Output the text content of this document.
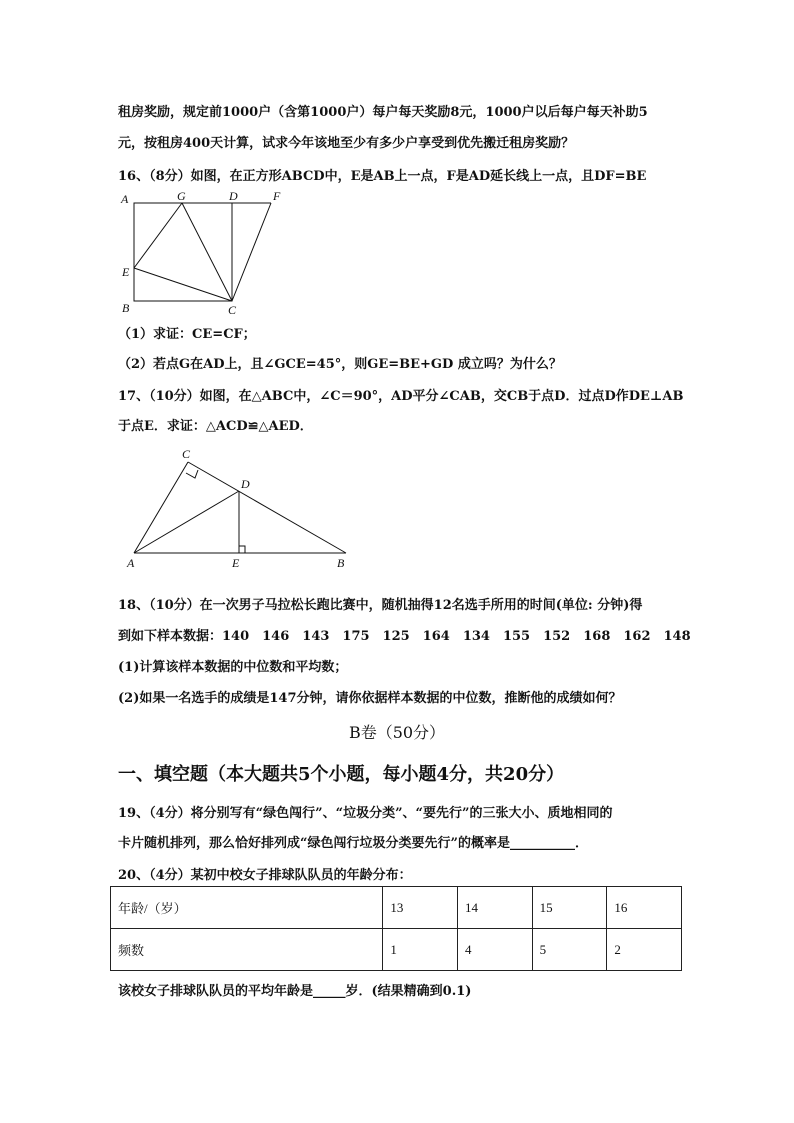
租房奖励，规定前1000户（含第1000户）每户每天奖励8元，1000户以后每户每天补助5
元，按租房400天计算，试求今年该地至少有多少户享受到优先搬迁租房奖励？
16、（8分）如图，在正方形ABCD中，E是AB上一点，F是AD延长线上一点，且DF=BE
A	G	D	F
E
B	C
（1）求证：CE=CF；
（2）若点G在AD上，且∠GCE=45°，则GE=BE+GD 成立吗？为什么？
17、（10分）如图，在△ABC中，∠C＝90°，AD平分∠CAB，交CB于点D．过点D作DE⊥AB
于点E．求证：△ACD≌△AED．
C
D
A	E	B
18、（10分）在一次男子马拉松长跑比赛中，随机抽得12名选手所用的时间(单位: 分钟)得
到如下样本数据：140　146　143　175　125　164　134　155　152　168　162　148
(1)计算该样本数据的中位数和平均数；
(2)如果一名选手的成绩是147分钟，请你依据样本数据的中位数，推断他的成绩如何？
B卷（50分）
一、填空题（本大题共5个小题，每小题4分，共20分）
19、（4分）将分别写有“绿色闯行”、“垃圾分类”、“要先行”的三张大小、质地相同的
卡片随机排列，那么恰好排列成“绿色闯行垃圾分类要先行”的概率是__________．
20、（4分）某初中校女子排球队队员的年龄分布：
年龄/（岁）	13	14	15	16
频数	1	4	5	2
该校女子排球队队员的平均年龄是_____岁．(结果精确到0.1)
